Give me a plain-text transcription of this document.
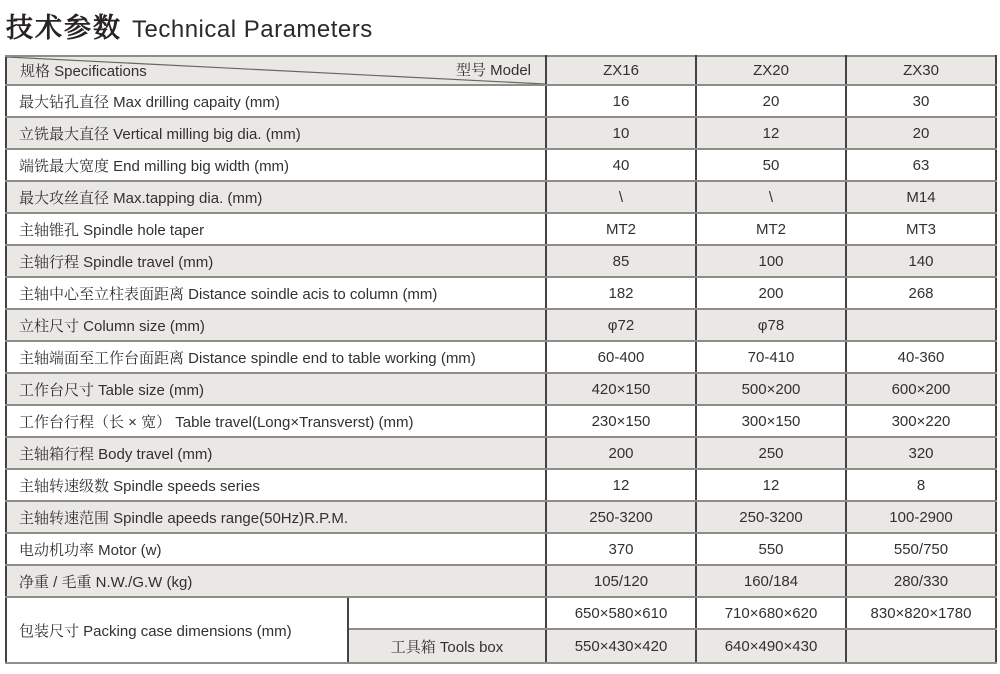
技术参数 Technical Parameters
规格 Specifications 型号 Model		ZX16	ZX20	ZX30
最大钻孔直径 Max drilling capaity (mm)		16	20	30
立铣最大直径 Vertical milling big dia. (mm)		10	12	20
端铣最大宽度 End milling big width (mm)		40	50	63
最大攻丝直径 Max.tapping dia. (mm)		\	\	M14
主轴锥孔 Spindle hole taper		MT2	MT2	MT3
主轴行程 Spindle travel (mm)		85	100	140
主轴中心至立柱表面距离 Distance soindle acis to column (mm)		182	200	268
立柱尺寸 Column size (mm)		φ72	φ78	
主轴端面至工作台面距离 Distance spindle end to table working (mm)		60-400	70-410	40-360
工作台尺寸 Table size (mm)		420×150	500×200	600×200
工作台行程（长 × 宽） Table travel(Long×Transverst) (mm)		230×150	300×150	300×220
主轴箱行程 Body travel (mm)		200	250	320
主轴转速级数 Spindle speeds series		12	12	8
主轴转速范围 Spindle apeeds range(50Hz)R.P.M.		250-3200	250-3200	100-2900
电动机功率 Motor (w)		370	550	550/750
净重 / 毛重 N.W./G.W (kg)		105/120	160/184	280/330
包装尺寸 Packing case dimensions (mm)		650×580×610	710×680×620	830×820×1780
	工具箱 Tools box	550×430×420	640×490×430	
